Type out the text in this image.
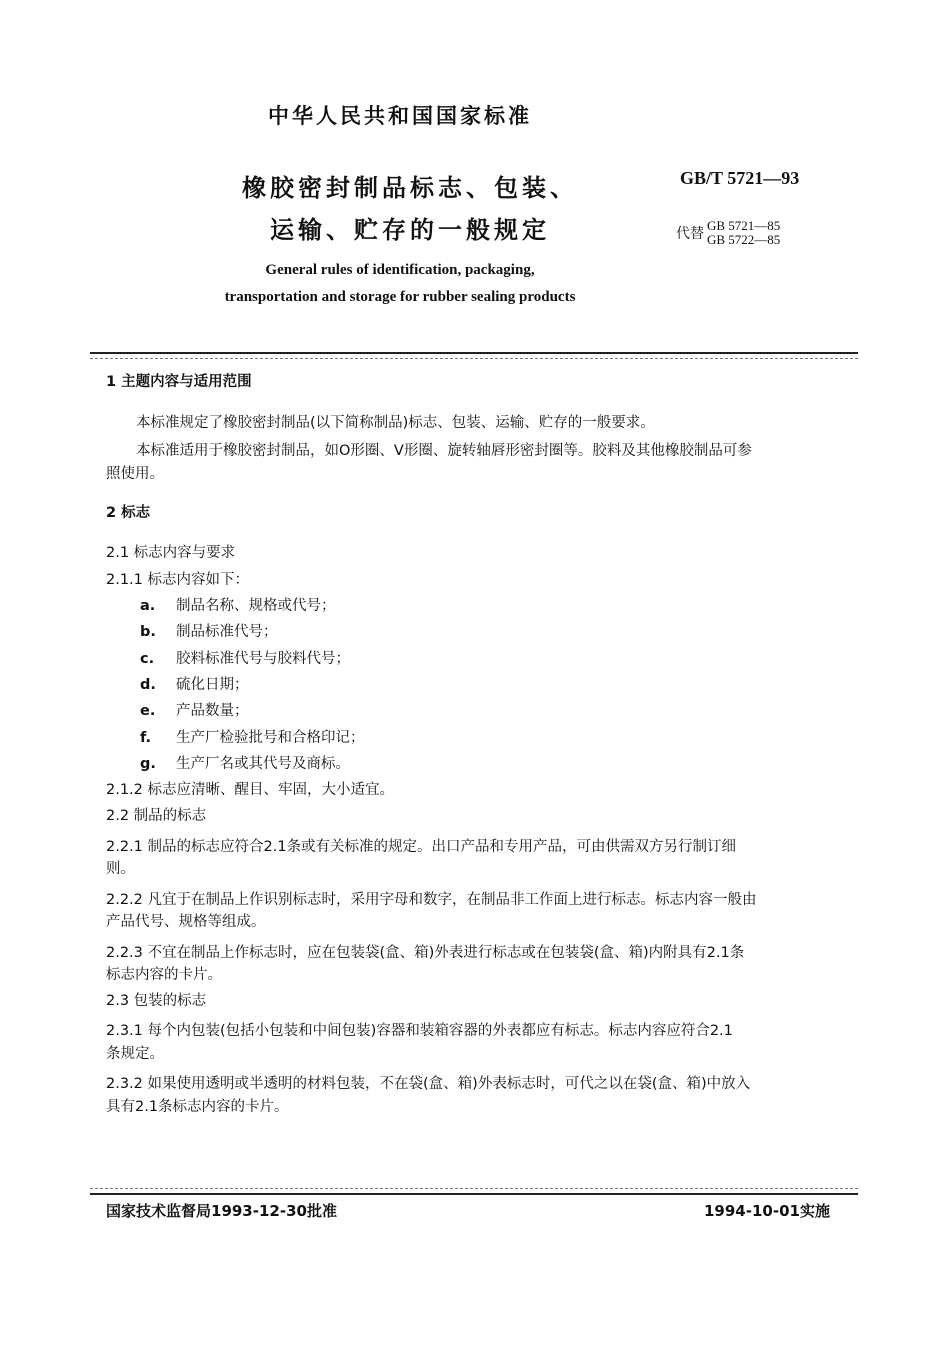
中华人民共和国国家标准
橡胶密封制品标志、包装、
运输、贮存的一般规定
General rules of identification, packaging,
transportation and storage for rubber sealing products
GB/T 5721—93
代替
GB 5721—85
GB 5722—85
1 主题内容与适用范围
本标准规定了橡胶密封制品(以下简称制品)标志、包装、运输、贮存的一般要求。
本标准适用于橡胶密封制品，如O形圈、V形圈、旋转轴唇形密封圈等。胶料及其他橡胶制品可参
照使用。
2 标志
2.1 标志内容与要求
2.1.1 标志内容如下：
a. 制品名称、规格或代号；
b. 制品标准代号；
c. 胶料标准代号与胶料代号；
d. 硫化日期；
e. 产品数量；
f. 生产厂检验批号和合格印记；
g. 生产厂名或其代号及商标。
2.1.2 标志应清晰、醒目、牢固，大小适宜。
2.2 制品的标志
2.2.1 制品的标志应符合2.1条或有关标准的规定。出口产品和专用产品，可由供需双方另行制订细
则。
2.2.2 凡宜于在制品上作识别标志时，采用字母和数字，在制品非工作面上进行标志。标志内容一般由
产品代号、规格等组成。
2.2.3 不宜在制品上作标志时，应在包装袋(盒、箱)外表进行标志或在包装袋(盒、箱)内附具有2.1条
标志内容的卡片。
2.3 包装的标志
2.3.1 每个内包装(包括小包装和中间包装)容器和装箱容器的外表都应有标志。标志内容应符合2.1
条规定。
2.3.2 如果使用透明或半透明的材料包装，不在袋(盒、箱)外表标志时，可代之以在袋(盒、箱)中放入
具有2.1条标志内容的卡片。
国家技术监督局1993-12-30批准	1994-10-01实施
